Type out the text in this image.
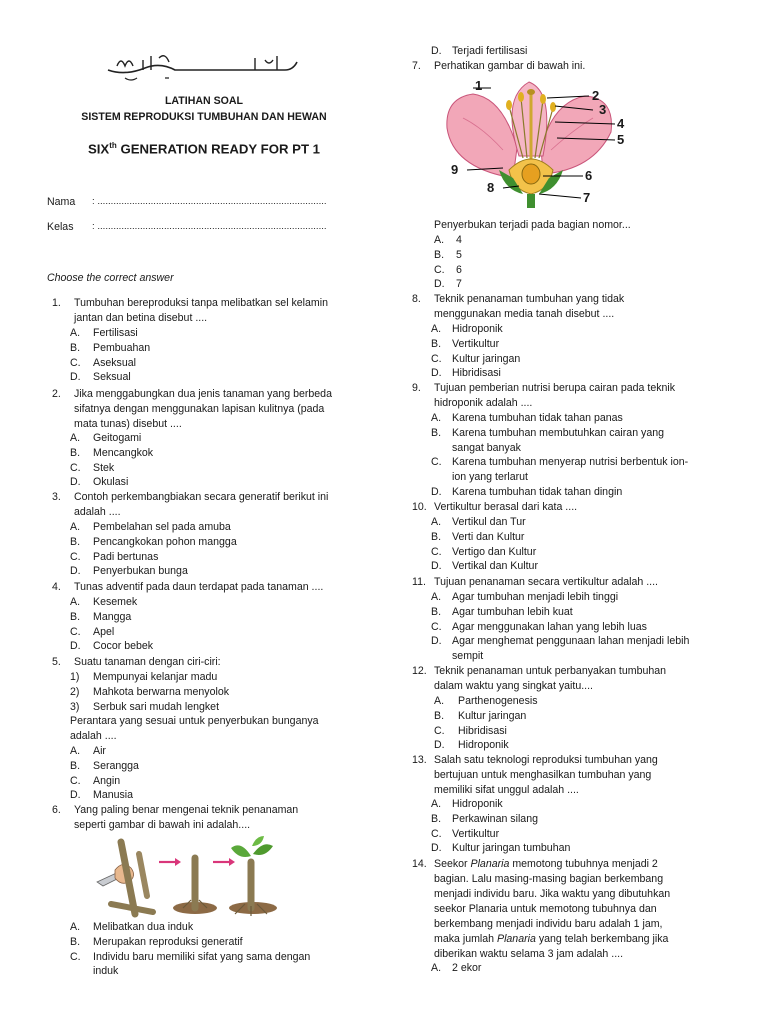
LATIHAN SOAL
SISTEM REPRODUKSI TUMBUHAN DAN HEWAN
$SIX^{th}$ GENERATION READY FOR PT 1
Nama : ......................................................................................
Kelas : ......................................................................................
Choose the correct answer
1. Tumbuhan bereproduksi tanpa melibatkan sel kelamin
jantan dan betina disebut ....
A. Fertilisasi
B. Pembuahan
C. Aseksual
D. Seksual
2. Jika menggabungkan dua jenis tanaman yang berbeda
sifatnya dengan menggunakan lapisan kulitnya (pada
mata tunas) disebut ....
A. Geitogami
B. Mencangkok
C. Stek
D. Okulasi
3. Contoh perkembangbiakan secara generatif berikut ini
adalah ....
A. Pembelahan sel pada amuba
B. Pencangkokan pohon mangga
C. Padi bertunas
D. Penyerbukan bunga
4. Tunas adventif pada daun terdapat pada tanaman ....
A. Kesemek
B. Mangga
C. Apel
D. Cocor bebek
5. Suatu tanaman dengan ciri-ciri:
1) Mempunyai kelanjar madu
2) Mahkota berwarna menyolok
3) Serbuk sari mudah lengket
Perantara yang sesuai untuk penyerbukan bunganya
adalah ....
A. Air
B. Serangga
C. Angin
D. Manusia
6. Yang paling benar mengenai teknik penanaman
seperti gambar di bawah ini adalah....
A. Melibatkan dua induk
B. Merupakan reproduksi generatif
C. Individu baru memiliki sifat yang sama dengan
induk
D. Terjadi fertilisasi
7. Perhatikan gambar di bawah ini.
1
2
3
4
5
6
7
8
9
Penyerbukan terjadi pada bagian nomor...
A. 4
B. 5
C. 6
D. 7
8. Teknik penanaman tumbuhan yang tidak
menggunakan media tanah disebut ....
A. Hidroponik
B. Vertikultur
C. Kultur jaringan
D. Hibridisasi
9. Tujuan pemberian nutrisi berupa cairan pada teknik
hidroponik adalah ....
A. Karena tumbuhan tidak tahan panas
B. Karena tumbuhan membutuhkan cairan yang
sangat banyak
C. Karena tumbuhan menyerap nutrisi berbentuk ion-
ion yang terlarut
D. Karena tumbuhan tidak tahan dingin
10. Vertikultur berasal dari kata ....
A. Vertikul dan Tur
B. Verti dan Kultur
C. Vertigo dan Kultur
D. Vertikal dan Kultur
11. Tujuan penanaman secara vertikultur adalah ....
A. Agar tumbuhan menjadi lebih tinggi
B. Agar tumbuhan lebih kuat
C. Agar menggunakan lahan yang lebih luas
D. Agar menghemat penggunaan lahan menjadi lebih
sempit
12. Teknik penanaman untuk perbanyakan tumbuhan
dalam waktu yang singkat yaitu....
A. Parthenogenesis
B. Kultur jaringan
C. Hibridisasi
D. Hidroponik
13. Salah satu teknologi reproduksi tumbuhan yang
bertujuan untuk menghasilkan tumbuhan yang
memiliki sifat unggul adalah ....
A. Hidroponik
B. Perkawinan silang
C. Vertikultur
D. Kultur jaringan tumbuhan
14. Seekor Planaria memotong tubuhnya menjadi 2
bagian. Lalu masing-masing bagian berkembang
menjadi individu baru. Jika waktu yang dibutuhkan
seekor Planaria untuk memotong tubuhnya dan
berkembang menjadi individu baru adalah 1 jam,
maka jumlah Planaria yang telah berkembang jika
diberikan waktu selama 3 jam adalah ....
A. 2 ekor
